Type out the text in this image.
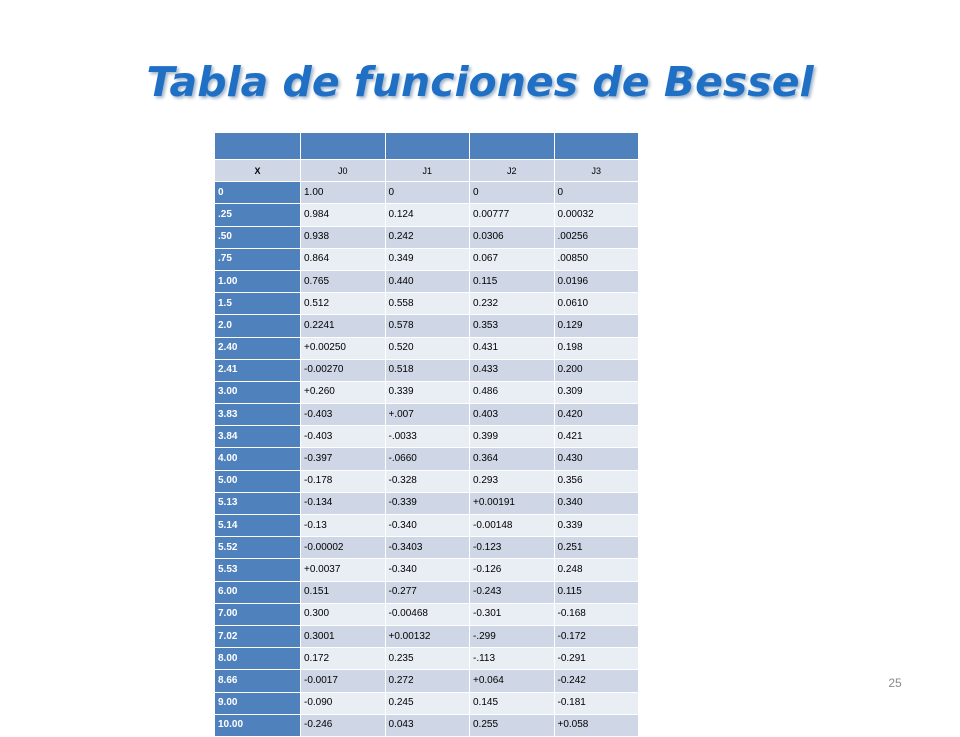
Tabla de funciones de Bessel

X	J0	J1	J2	J3
0	1.00	0	0	0
.25	0.984	0.124	0.00777	0.00032
.50	0.938	0.242	0.0306	.00256
.75	0.864	0.349	0.067	.00850
1.00	0.765	0.440	0.115	0.0196
1.5	0.512	0.558	0.232	0.0610
2.0	0.2241	0.578	0.353	0.129
2.40	+0.00250	0.520	0.431	0.198
2.41	-0.00270	0.518	0.433	0.200
3.00	+0.260	0.339	0.486	0.309
3.83	-0.403	+.007	0.403	0.420
3.84	-0.403	-.0033	0.399	0.421
4.00	-0.397	-.0660	0.364	0.430
5.00	-0.178	-0.328	0.293	0.356
5.13	-0.134	-0.339	+0.00191	0.340
5.14	-0.13	-0.340	-0.00148	0.339
5.52	-0.00002	-0.3403	-0.123	0.251
5.53	+0.0037	-0.340	-0.126	0.248
6.00	0.151	-0.277	-0.243	0.115
7.00	0.300	-0.00468	-0.301	-0.168
7.02	0.3001	+0.00132	-.299	-0.172
8.00	0.172	0.235	-.113	-0.291
8.66	-0.0017	0.272	+0.064	-0.242
9.00	-0.090	0.245	0.145	-0.181
10.00	-0.246	0.043	0.255	+0.058
25
